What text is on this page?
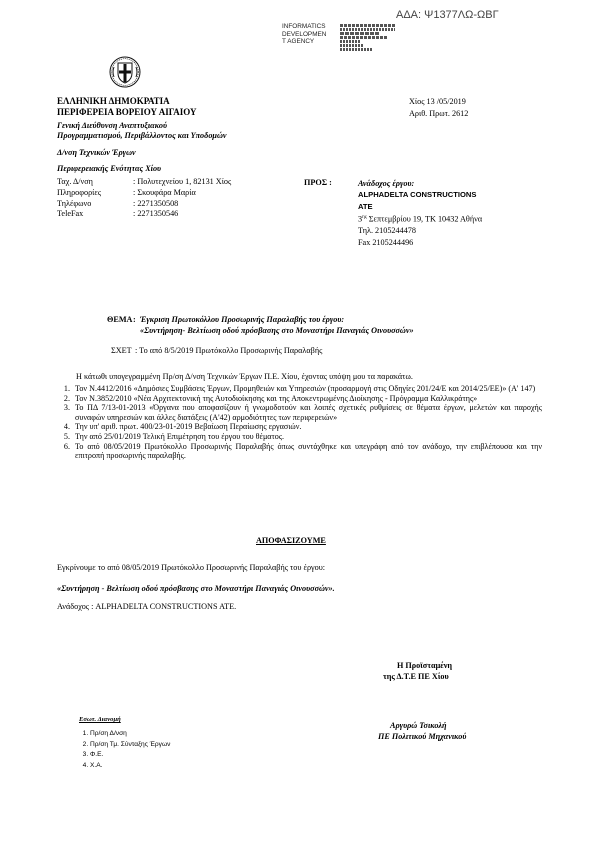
ΑΔΑ: Ψ1377ΛΩ-ΩΒΓ
INFORMATICS
DEVELOPMEN
T AGENCY
ΕΛΛΗΝΙΚΗ ΔΗΜΟΚΡΑΤΙΑ
ΠΕΡΙΦΕΡΕΙΑ ΒΟΡΕΙΟΥ ΑΙΓΑΙΟΥ
Γενική Διεύθυνση Αναπτυξιακού
Προγραμματισμού, Περιβάλλοντος και Υποδομών
Δ/νση Τεχνικών Έργων
Περιφερειακής Ενότητας Χίου
Χίος 13 /05/2019
Αριθ. Πρωτ. 2612
Ταχ. Δ/νση	: Πολυτεχνείου 1, 82131 Χίος
Πληροφορίες	: Σκουφάρα Μαρία
Τηλέφωνο	: 2271350508
TeleFax	: 2271350546
ΠΡΟΣ :	Ανάδοχος έργου:
ALPHADELTA CONSTRUCTIONS
ATE
$3^{\eta\varsigma}$ Σεπτεμβρίου 19, ΤΚ 10432 Αθήνα
Τηλ. 2105244478
Fax 2105244496
ΘΕΜΑ : Έγκριση Πρωτοκόλλου Προσωρινής Παραλαβής του έργου:
«Συντήρηση- Βελτίωση οδού πρόσβασης στο Μοναστήρι Παναγιάς Οινουσσών»
ΣΧΕΤ : Το από 8/5/2019 Πρωτόκολλο Προσωρινής Παραλαβής
Η κάτωθι υπογεγραμμένη Πρ/ση Δ/νση Τεχνικών Έργων Π.Ε. Χίου, έχοντας υπόψη μου τα παρακάτω.
1. Τον Ν.4412/2016 «Δημόσιες Συμβάσεις Έργων, Προμηθειών και Υπηρεσιών (προσαρμογή στις Οδηγίες 201/24/Ε και 2014/25/ΕΕ)» (Α' 147)
2. Τον Ν.3852/2010 «Νέα Αρχιτεκτονική της Αυτοδιοίκησης και της Αποκεντρωμένης Διοίκησης - Πρόγραμμα Καλλικράτης»
3. Το ΠΔ 7/13-01-2013 «Όργανα που αποφασίζουν ή γνωμοδοτούν και λοιπές σχετικές ρυθμίσεις σε θέματα έργων, μελετών και παροχής συναφών υπηρεσιών και άλλες διατάξεις (Α'42) αρμοδιότητες των περιφερειών»
4. Την υπ' αριθ. πρωτ. 400/23-01-2019 Βεβαίωση Περαίωσης εργασιών.
5. Την από 25/01/2019 Τελική Επιμέτρηση του έργου του θέματος.
6. Το από 08/05/2019 Πρωτόκολλο Προσωρινής Παραλαβής όπως συντάχθηκε και υπεγράφη από τον ανάδοχο, την επιβλέπουσα και την επιτροπή προσωρινής παραλαβής.
ΑΠΟΦΑΣΙΖΟΥΜΕ
Εγκρίνουμε το από 08/05/2019 Πρωτόκολλο Προσωρινής Παραλαβής του έργου:
«Συντήρηση - Βελτίωση οδού πρόσβασης στο Μοναστήρι Παναγιάς Οινουσσών».
Ανάδοχος : ALPHADELTA CONSTRUCTIONS ATE.
Η Προϊσταμένη
της Δ.Τ.Ε ΠΕ Χίου
Αργυρώ Τσικολή
ΠΕ Πολιτικού Μηχανικού
Εσωτ. Διανομή
1. Πρ/ση Δ/νση
2. Πρ/ση Τμ. Σύνταξης Έργων
3. Φ.Ε.
4. Χ.Α.
